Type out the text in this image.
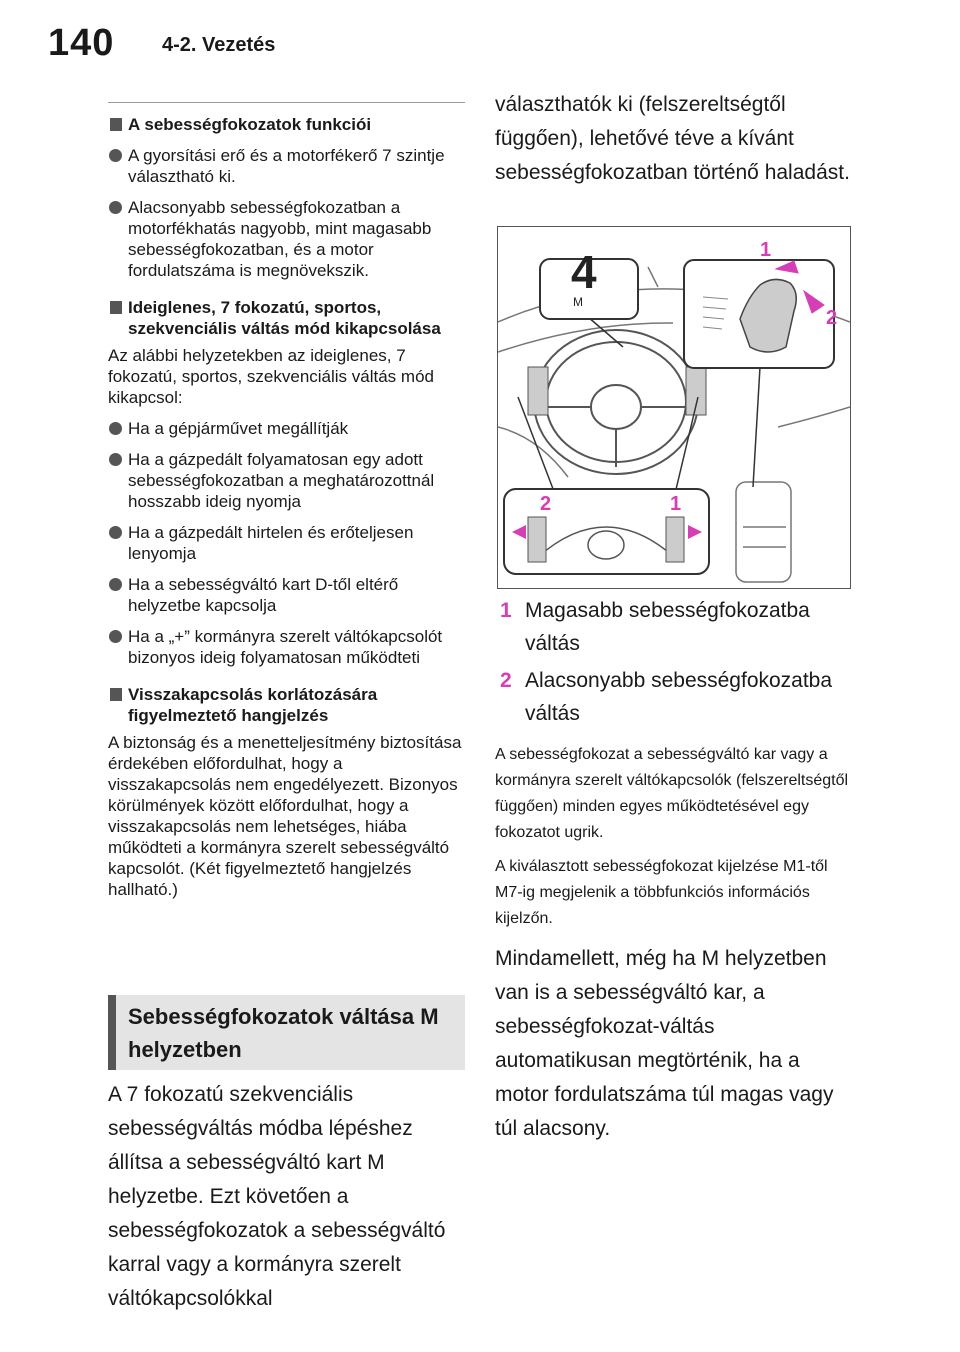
140 4-2. Vezetés
A sebességfokozatok funkciói
A gyorsítási erő és a motorfékerő 7 szintje választható ki.
Alacsonyabb sebességfokozatban a motorfékhatás nagyobb, mint magasabb sebességfokozatban, és a motor fordulatszáma is megnövekszik.
Ideiglenes, 7 fokozatú, sportos, szekvenciális váltás mód kikapcsolása
Az alábbi helyzetekben az ideiglenes, 7 fokozatú, sportos, szekvenciális váltás mód kikapcsol:
Ha a gépjárművet megállítják
Ha a gázpedált folyamatosan egy adott sebességfokozatban a meghatározottnál hosszabb ideig nyomja
Ha a gázpedált hirtelen és erőteljesen lenyomja
Ha a sebességváltó kart D-től eltérő helyzetbe kapcsolja
Ha a „+” kormányra szerelt váltókapcsolót bizonyos ideig folyamatosan működteti
Visszakapcsolás korlátozására figyelmeztető hangjelzés
A biztonság és a menetteljesítmény biztosítása érdekében előfordulhat, hogy a visszakapcsolás nem engedélyezett. Bizonyos körülmények között előfordulhat, hogy a visszakapcsolás nem lehetséges, hiába működteti a kormányra szerelt sebességváltó kapcsolót. (Két figyelmeztető hangjelzés hallható.)
Sebességfokozatok váltása M helyzetben
A 7 fokozatú szekvenciális sebességváltás módba lépéshez állítsa a sebességváltó kart M helyzetbe. Ezt követően a sebességfokozatok a sebességváltó karral vagy a kormányra szerelt váltókapcsolókkal
választhatók ki (felszereltségtől függően), lehetővé téve a kívánt sebességfokozatban történő haladást.
4
M
1
2
2	1
1 Magasabb sebességfokozatba váltás
2 Alacsonyabb sebességfokozatba váltás
A sebességfokozat a sebességváltó kar vagy a kormányra szerelt váltókapcsolók (felszereltségtől függően) minden egyes működtetésével egy fokozatot ugrik.
A kiválasztott sebességfokozat kijelzése M1-től M7-ig megjelenik a többfunkciós információs kijelzőn.
Mindamellett, még ha M helyzetben van is a sebességváltó kar, a sebességfokozat-váltás automatikusan megtörténik, ha a motor fordulatszáma túl magas vagy túl alacsony.
